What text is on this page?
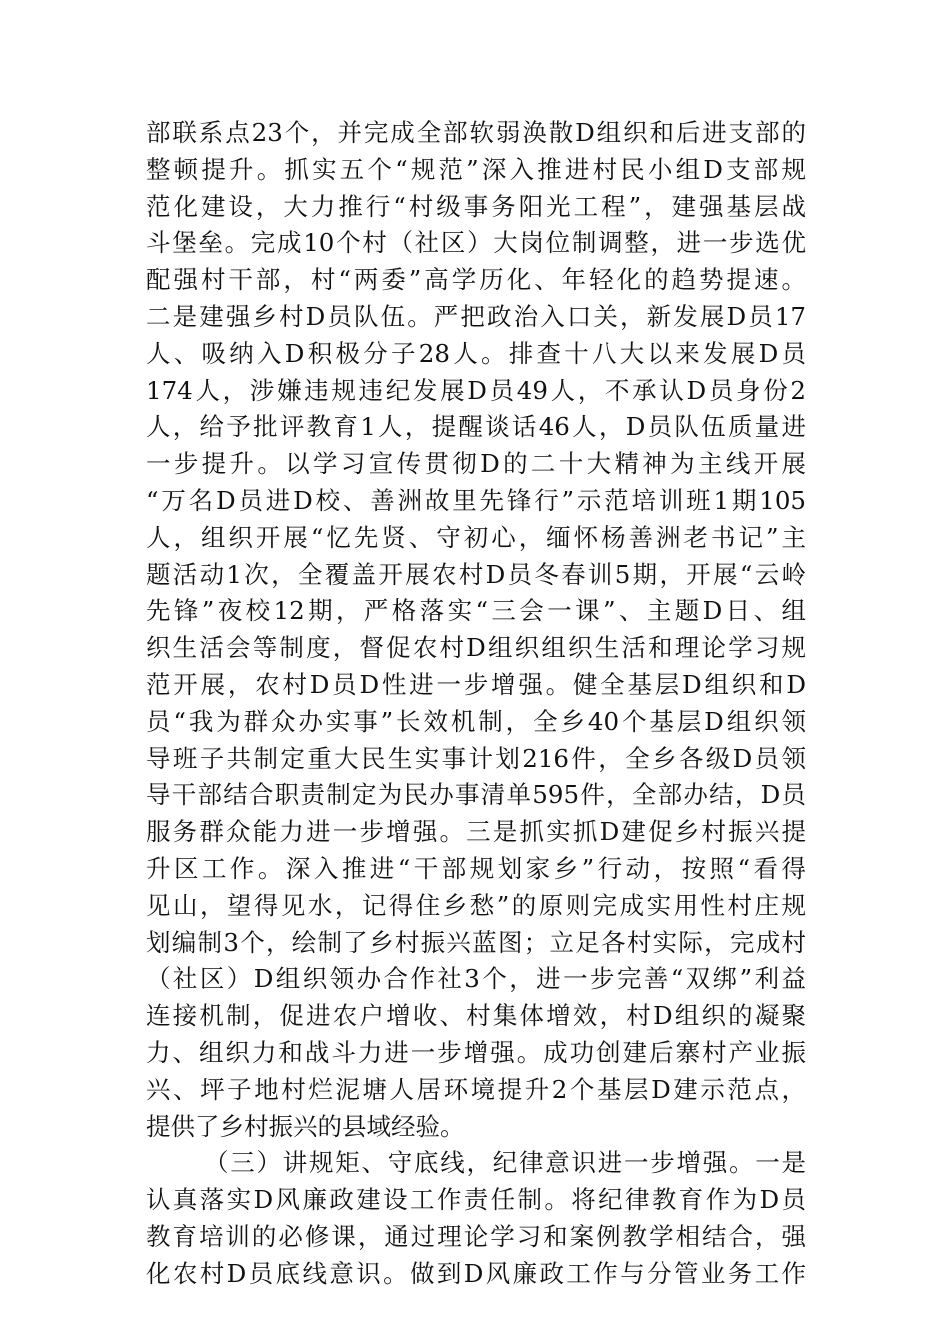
部联系点23个，并完成全部软弱涣散D组织和后进支部的
整顿提升。抓实五个“规范”深入推进村民小组D支部规
范化建设，大力推行“村级事务阳光工程”，建强基层战
斗堡垒。完成10个村（社区）大岗位制调整，进一步选优
配强村干部，村“两委”高学历化、年轻化的趋势提速。
二是建强乡村D员队伍。严把政治入口关，新发展D员17
人、吸纳入D积极分子28人。排查十八大以来发展D员
174人，涉嫌违规违纪发展D员49人，不承认D员身份2
人，给予批评教育1人，提醒谈话46人，D员队伍质量进
一步提升。以学习宣传贯彻D的二十大精神为主线开展
“万名D员进D校、善洲故里先锋行”示范培训班1期105
人，组织开展“忆先贤、守初心，缅怀杨善洲老书记”主
题活动1次，全覆盖开展农村D员冬春训5期，开展“云岭
先锋”夜校12期，严格落实“三会一课”、主题D日、组
织生活会等制度，督促农村D组织组织生活和理论学习规
范开展，农村D员D性进一步增强。健全基层D组织和D
员“我为群众办实事”长效机制，全乡40个基层D组织领
导班子共制定重大民生实事计划216件，全乡各级D员领
导干部结合职责制定为民办事清单595件，全部办结，D员
服务群众能力进一步增强。三是抓实抓D建促乡村振兴提
升区工作。深入推进“干部规划家乡”行动，按照“看得
见山，望得见水，记得住乡愁”的原则完成实用性村庄规
划编制3个，绘制了乡村振兴蓝图；立足各村实际，完成村
（社区）D组织领办合作社3个，进一步完善“双绑”利益
连接机制，促进农户增收、村集体增效，村D组织的凝聚
力、组织力和战斗力进一步增强。成功创建后寨村产业振
兴、坪子地村烂泥塘人居环境提升2个基层D建示范点，
提供了乡村振兴的县域经验。
（三）讲规矩、守底线，纪律意识进一步增强。一是
认真落实D风廉政建设工作责任制。将纪律教育作为D员
教育培训的必修课，通过理论学习和案例教学相结合，强
化农村D员底线意识。做到D风廉政工作与分管业务工作
